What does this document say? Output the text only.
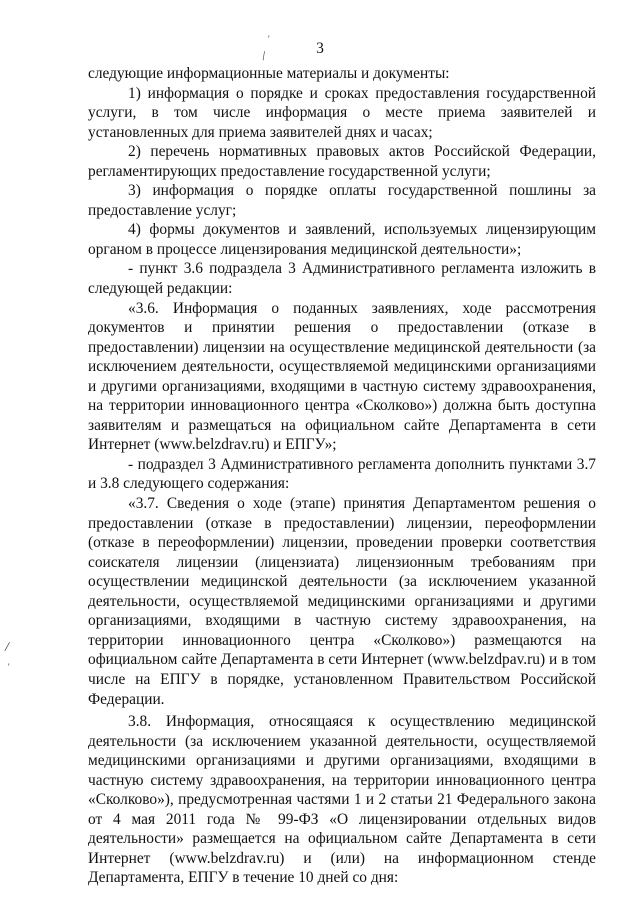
3
'
/
/
'

следующие информационные материалы и документы:

1) информация о порядке и сроках предоставления государственной услуги, в том числе информация о месте приема заявителей и установленных для приема заявителей днях и часах;

2) перечень нормативных правовых актов Российской Федерации, регламентирующих предоставление государственной услуги;

3) информация о порядке оплаты государственной пошлины за предоставление услуг;

4) формы документов и заявлений, используемых лицензирующим органом в процессе лицензирования медицинской деятельности»;

- пункт 3.6 подраздела 3 Административного регламента изложить в следующей редакции:

«3.6. Информация о поданных заявлениях, ходе рассмотрения документов и принятии решения о предоставлении (отказе в предоставлении) лицензии на осуществление медицинской деятельности (за исключением деятельности, осуществляемой медицинскими организациями и другими организациями, входящими в частную систему здравоохранения, на территории инновационного центра «Сколково») должна быть доступна заявителям и размещаться на официальном сайте Департамента в сети Интернет (www.belzdrav.ru) и ЕПГУ»;

- подраздел 3 Административного регламента дополнить пунктами 3.7 и 3.8 следующего содержания:

«3.7. Сведения о ходе (этапе) принятия Департаментом решения о предоставлении (отказе в предоставлении) лицензии, переоформлении (отказе в переоформлении) лицензии, проведении проверки соответствия соискателя лицензии (лицензиата) лицензионным требованиям при осуществлении медицинской деятельности (за исключением указанной деятельности, осуществляемой медицинскими организациями и другими организациями, входящими в частную систему здравоохранения, на территории инновационного центра «Сколково») размещаются на официальном сайте Департамента в сети Интернет (www.belzdpav.ru) и в том числе на ЕПГУ в порядке, установленном Правительством Российской Федерации.

3.8. Информация, относящаяся к осуществлению медицинской деятельности (за исключением указанной деятельности, осуществляемой медицинскими организациями и другими организациями, входящими в частную систему здравоохранения, на территории инновационного центра «Сколково»), предусмотренная частями 1 и 2 статьи 21 Федерального закона от 4 мая 2011 года № 99-ФЗ «О лицензировании отдельных видов деятельности» размещается на официальном сайте Департамента в сети Интернет (www.belzdrav.ru) и (или) на информационном стенде Департамента, ЕПГУ в течение 10 дней со дня:
